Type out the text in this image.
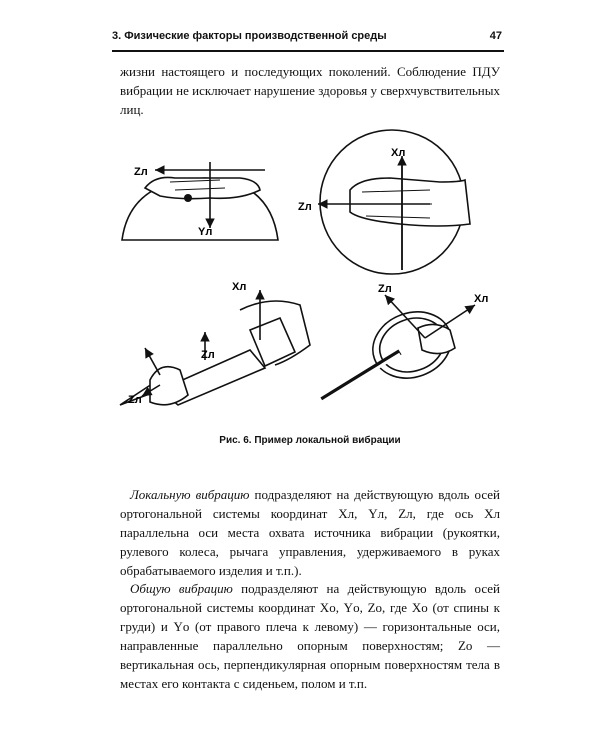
3. Физические факторы производственной среды	47

жизни настоящего и последующих поколений. Соблюдение ПДУ вибрации не исключает нарушение здоровья у сверхчувствительных лиц.

Zл
Yл
Xл
Zл
Xл
Zл
Zл
Zл
Xл
Рис. 6. Пример локальной вибрации

Локальную вибрацию подразделяют на действующую вдоль осей ортогональной системы координат Xл, Yл, Zл, где ось Xл параллельна оси места охвата источника вибрации (рукоятки, рулевого колеса, рычага управления, удерживаемого в руках обрабатываемого изделия и т.п.).

Общую вибрацию подразделяют на действующую вдоль осей ортогональной системы координат Xо, Yо, Zо, где Xо (от спины к груди) и Yо (от правого плеча к левому) — горизонтальные оси, направленные параллельно опорным поверхностям; Zо — вертикальная ось, перпендикулярная опорным поверхностям тела в местах его контакта с сиденьем, полом и т.п.
